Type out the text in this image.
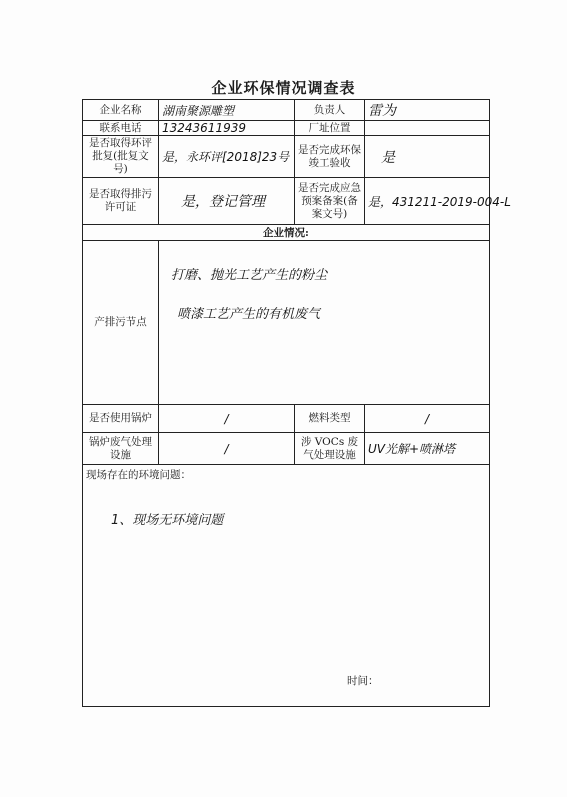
企业环保情况调查表
企业名称	湖南聚源雕塑	负责人	雷为
联系电话	13243611939	厂址位置	
是否取得环评批复(批复文号)	是，永环评[2018]23号	是否完成环保竣工验收	是
是否取得排污许可证	是，登记管理	是否完成应急预案备案(备案文号)	是，431211-2019-004-L
企业情况:			
产排污节点	打磨、抛光工艺产生的粉尘
喷漆工艺产生的有机废气		

是否使用锅炉	/	燃料类型	/
锅炉废气处理设施	/	涉 VOCs 废气处理设施	UV光解+喷淋塔

现场存在的环境问题：
1、现场无环境问题
时间：			
